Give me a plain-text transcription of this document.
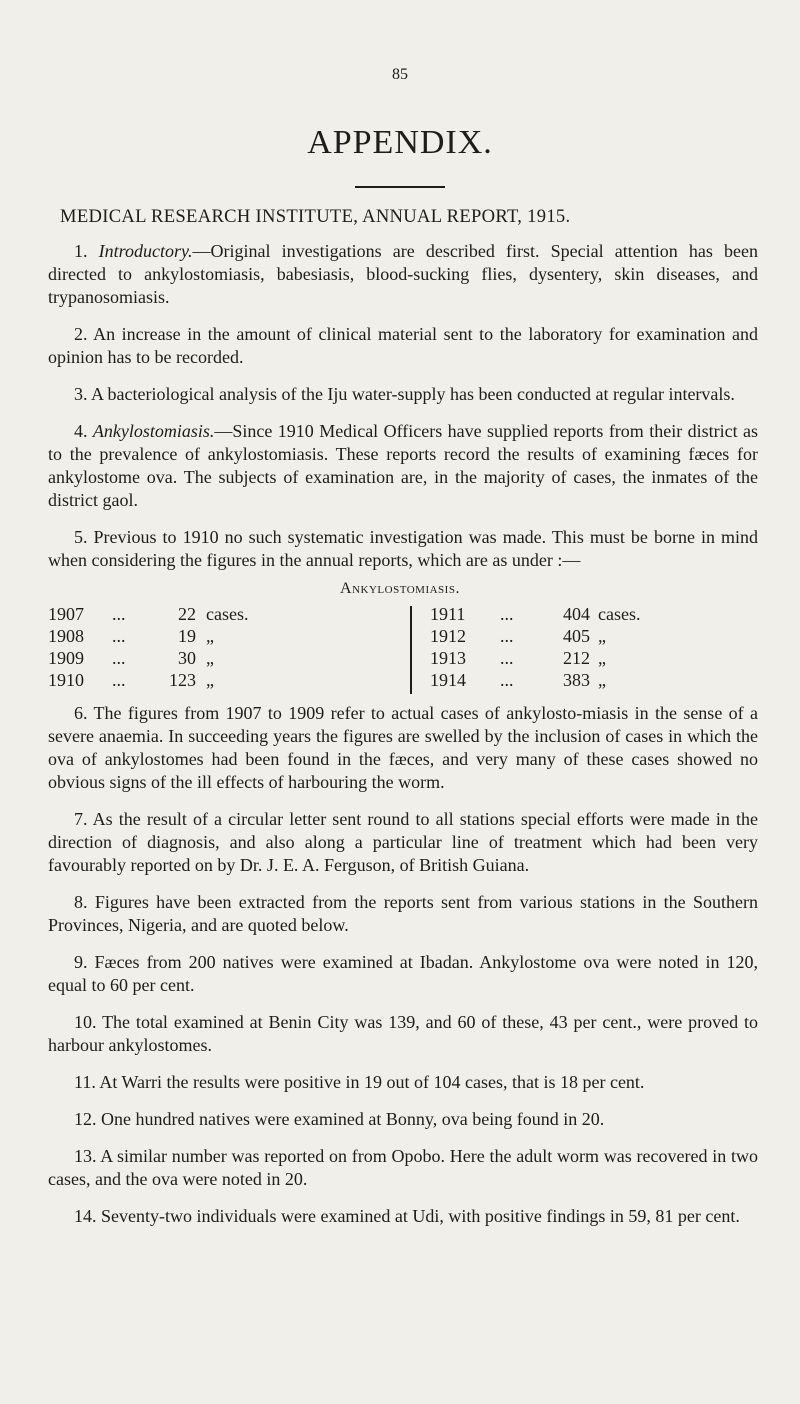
85
APPENDIX.
MEDICAL RESEARCH INSTITUTE, ANNUAL REPORT, 1915.

1. Introductory.—Original investigations are described first. Special attention has been directed to ankylostomiasis, babesiasis, blood-sucking flies, dysentery, skin diseases, and trypanosomiasis.

2. An increase in the amount of clinical material sent to the laboratory for examination and opinion has to be recorded.

3. A bacteriological analysis of the Iju water-supply has been conducted at regular intervals.

4. Ankylostomiasis.—Since 1910 Medical Officers have supplied reports from their district as to the prevalence of ankylostomiasis. These reports record the results of examining fæces for ankylostome ova. The subjects of examination are, in the majority of cases, the inmates of the district gaol.

5. Previous to 1910 no such systematic investigation was made. This must be borne in mind when considering the figures in the annual reports, which are as under :—

Ankylostomiasis.
1907 ...	22 cases.	1911 ...	404 cases.
1908 ...	19 „	1912 ...	405 „
1909 ...	30 „	1913 ...	212 „
1910 ...	123 „	1914 ...	383 „

6. The figures from 1907 to 1909 refer to actual cases of ankylosto-miasis in the sense of a severe anaemia. In succeeding years the figures are swelled by the inclusion of cases in which the ova of ankylostomes had been found in the fæces, and very many of these cases showed no obvious signs of the ill effects of harbouring the worm.

7. As the result of a circular letter sent round to all stations special efforts were made in the direction of diagnosis, and also along a particular line of treatment which had been very favourably reported on by Dr. J. E. A. Ferguson, of British Guiana.

8. Figures have been extracted from the reports sent from various stations in the Southern Provinces, Nigeria, and are quoted below.

9. Fæces from 200 natives were examined at Ibadan. Ankylostome ova were noted in 120, equal to 60 per cent.

10. The total examined at Benin City was 139, and 60 of these, 43 per cent., were proved to harbour ankylostomes.

11. At Warri the results were positive in 19 out of 104 cases, that is 18 per cent.

12. One hundred natives were examined at Bonny, ova being found in 20.

13. A similar number was reported on from Opobo. Here the adult worm was recovered in two cases, and the ova were noted in 20.

14. Seventy-two individuals were examined at Udi, with positive findings in 59, 81 per cent.
